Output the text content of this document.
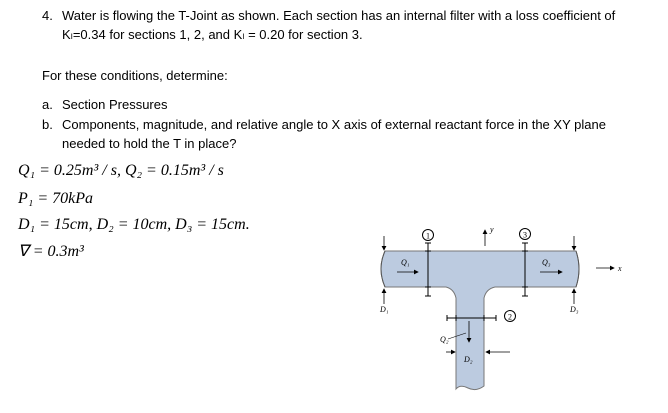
4. Water is flowing the T-Joint as shown. Each section has an internal filter with a loss coefficient of
Kₗ=0.34 for sections 1, 2, and Kₗ = 0.20 for section 3.
For these conditions, determine:
a. Section Pressures
b. Components, magnitude, and relative angle to X axis of external reactant force in the XY plane
needed to hold the T in place?
Q₁ = 0.25m³ / s, Q₂ = 0.15m³ / s
P₁ = 70kPa
D₁ = 15cm, D₂ = 10cm, D₃ = 15cm.
∇ = 0.3m³
1	3
2
y
x
D₁	D₃
D₂
Q₁	Q₃
Q₂
